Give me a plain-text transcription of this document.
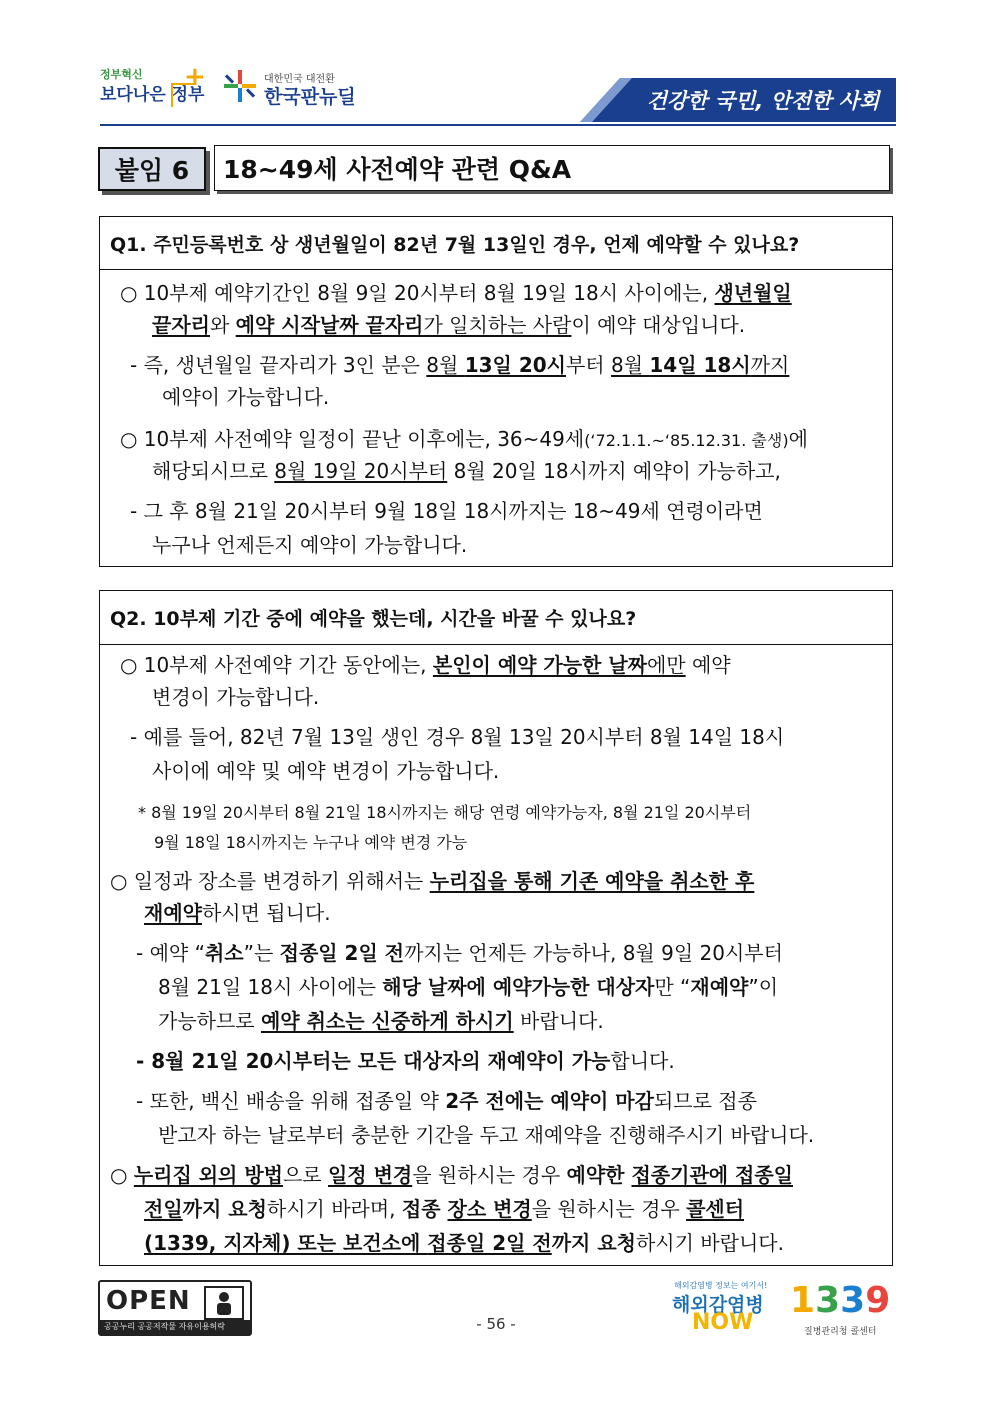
정부혁신
보다나은 정부
+	대한민국 대전환
한국판뉴딜	건강한 국민, 안전한 사회
붙임 6	18~49세 사전예약 관련 Q&A
Q1. 주민등록번호 상 생년월일이 82년 7월 13일인 경우, 언제 예약할 수 있나요?
○ 10부제 예약기간인 8월 9일 20시부터 8월 19일 18시 사이에는, 생년월일
끝자리와 예약 시작날짜 끝자리가 일치하는 사람이 예약 대상입니다.
- 즉, 생년월일 끝자리가 3인 분은 8월 13일 20시부터 8월 14일 18시까지
예약이 가능합니다.
○ 10부제 사전예약 일정이 끝난 이후에는, 36~49세(‘72.1.1.~‘85.12.31. 출생)에
해당되시므로 8월 19일 20시부터 8월 20일 18시까지 예약이 가능하고,
- 그 후 8월 21일 20시부터 9월 18일 18시까지는 18~49세 연령이라면
누구나 언제든지 예약이 가능합니다.
Q2. 10부제 기간 중에 예약을 했는데, 시간을 바꿀 수 있나요?
○ 10부제 사전예약 기간 동안에는, 본인이 예약 가능한 날짜에만 예약
변경이 가능합니다.
- 예를 들어, 82년 7월 13일 생인 경우 8월 13일 20시부터 8월 14일 18시
사이에 예약 및 예약 변경이 가능합니다.
* 8월 19일 20시부터 8월 21일 18시까지는 해당 연령 예약가능자, 8월 21일 20시부터
9월 18일 18시까지는 누구나 예약 변경 가능
○ 일정과 장소를 변경하기 위해서는 누리집을 통해 기존 예약을 취소한 후
재예약하시면 됩니다.
- 예약 “취소”는 접종일 2일 전까지는 언제든 가능하나, 8월 9일 20시부터
8월 21일 18시 사이에는 해당 날짜에 예약가능한 대상자만 “재예약”이
가능하므로 예약 취소는 신중하게 하시기 바랍니다.
- 8월 21일 20시부터는 모든 대상자의 재예약이 가능합니다.
- 또한, 백신 배송을 위해 접종일 약 2주 전에는 예약이 마감되므로 접종
받고자 하는 날로부터 충분한 기간을 두고 재예약을 진행해주시기 바랍니다.
○ 누리집 외의 방법으로 일정 변경을 원하시는 경우 예약한 접종기관에 접종일
전일까지 요청하시기 바라며, 접종 장소 변경을 원하시는 경우 콜센터
(1339, 지자체) 또는 보건소에 접종일 2일 전까지 요청하시기 바랍니다.
OPEN
공공누리 공공저작물 자유이용허락	- 56 -
해외감염병 정보는 여기서!
해외감염병
NOW
1339
질병관리청 콜센터
